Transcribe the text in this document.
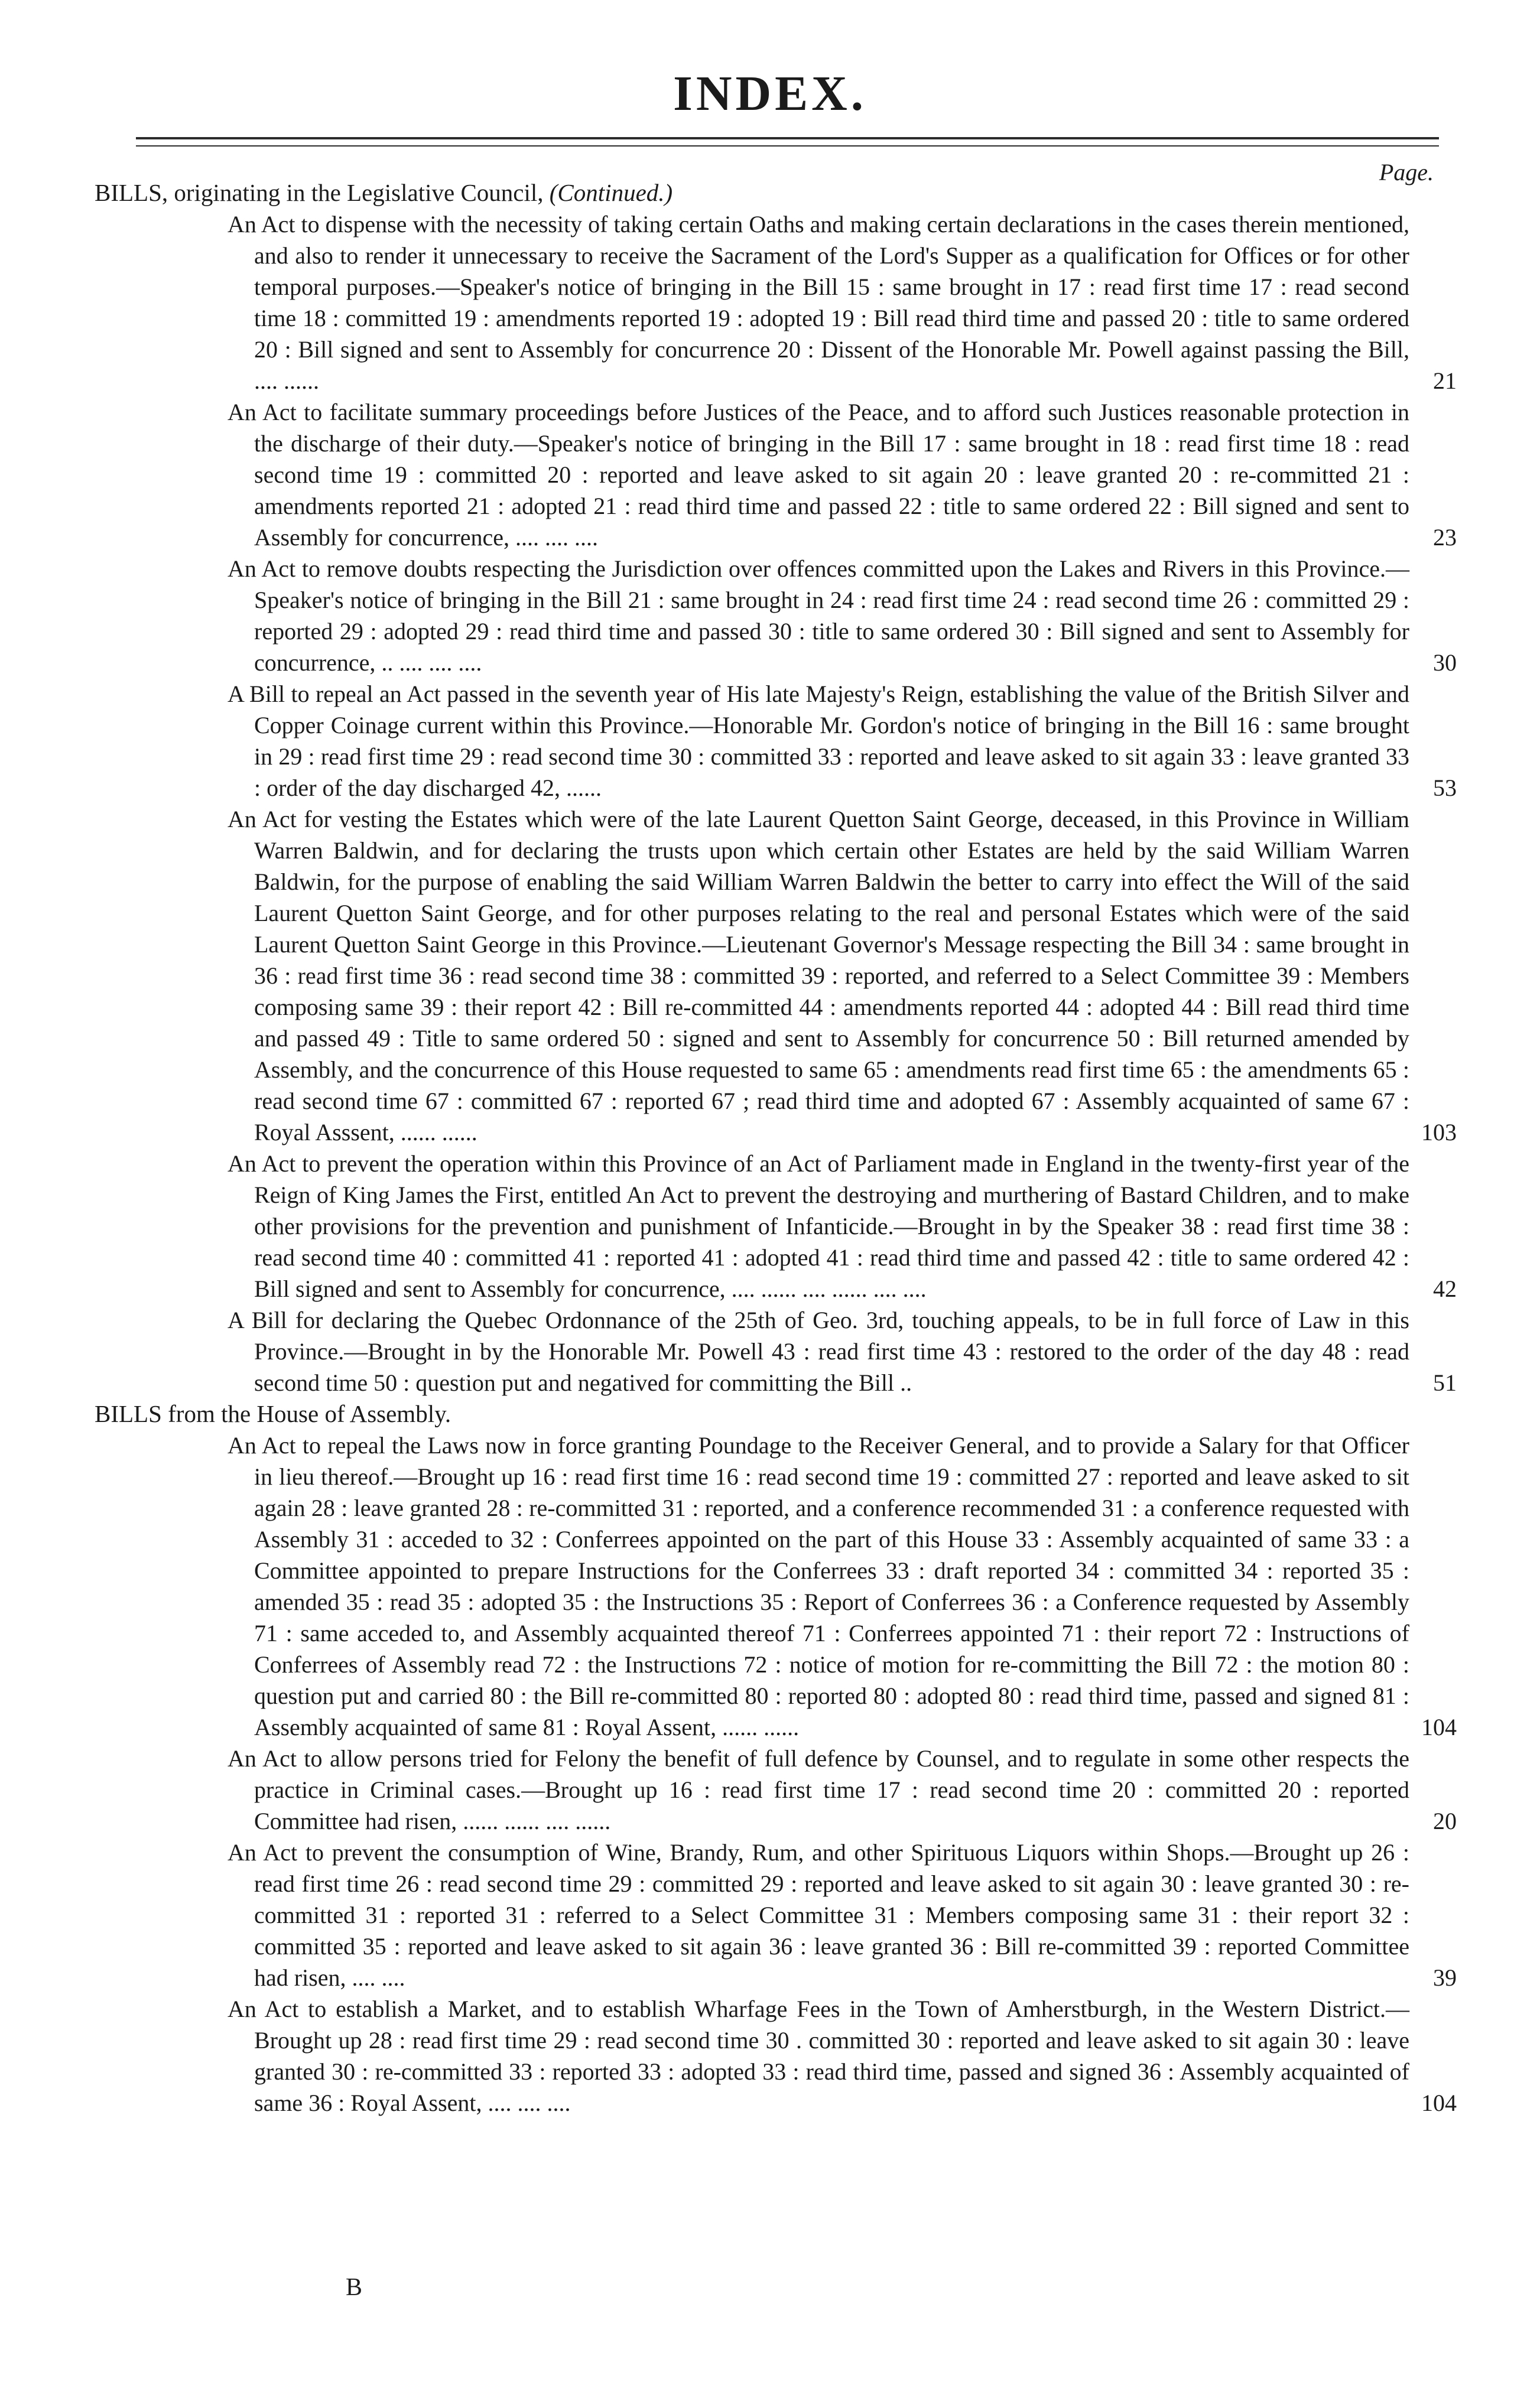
INDEX.
Page.
BILLS, originating in the Legislative Council, (Continued.)
An Act to dispense with the necessity of taking certain Oaths and making certain declarations in the cases therein mentioned, and also to render it unnecessary to receive the Sacrament of the Lord's Supper as a qualification for Offices or for other temporal purposes.—Speaker's notice of bringing in the Bill 15 : same brought in 17 : read first time 17 : read second time 18 : committed 19 : amendments reported 19 : adopted 19 : Bill read third time and passed 20 : title to same ordered 20 : Bill signed and sent to Assembly for concurrence 20 : Dissent of the Honorable Mr. Powell against passing the Bill, .... ......	21
An Act to facilitate summary proceedings before Justices of the Peace, and to afford such Justices reasonable protection in the discharge of their duty.—Speaker's notice of bringing in the Bill 17 : same brought in 18 : read first time 18 : read second time 19 : committed 20 : reported and leave asked to sit again 20 : leave granted 20 : re-committed 21 : amendments reported 21 : adopted 21 : read third time and passed 22 : title to same ordered 22 : Bill signed and sent to Assembly for concurrence, .... .... ....	23
An Act to remove doubts respecting the Jurisdiction over offences committed upon the Lakes and Rivers in this Province.—Speaker's notice of bringing in the Bill 21 : same brought in 24 : read first time 24 : read second time 26 : committed 29 : reported 29 : adopted 29 : read third time and passed 30 : title to same ordered 30 : Bill signed and sent to Assembly for concurrence, .. .... .... ....	30
A Bill to repeal an Act passed in the seventh year of His late Majesty's Reign, establishing the value of the British Silver and Copper Coinage current within this Province.—Honorable Mr. Gordon's notice of bringing in the Bill 16 : same brought in 29 : read first time 29 : read second time 30 : committed 33 : reported and leave asked to sit again 33 : leave granted 33 : order of the day discharged 42, ......	53
An Act for vesting the Estates which were of the late Laurent Quetton Saint George, deceased, in this Province in William Warren Baldwin, and for declaring the trusts upon which certain other Estates are held by the said William Warren Baldwin, for the purpose of enabling the said William Warren Baldwin the better to carry into effect the Will of the said Laurent Quetton Saint George, and for other purposes relating to the real and personal Estates which were of the said Laurent Quetton Saint George in this Province.—Lieutenant Governor's Message respecting the Bill 34 : same brought in 36 : read first time 36 : read second time 38 : committed 39 : reported, and referred to a Select Committee 39 : Members composing same 39 : their report 42 : Bill re-committed 44 : amendments reported 44 : adopted 44 : Bill read third time and passed 49 : Title to same ordered 50 : signed and sent to Assembly for concurrence 50 : Bill returned amended by Assembly, and the concurrence of this House requested to same 65 : amendments read first time 65 : the amendments 65 : read second time 67 : committed 67 : reported 67 ; read third time and adopted 67 : Assembly acquainted of same 67 : Royal Asssent, ...... ......	103
An Act to prevent the operation within this Province of an Act of Parliament made in England in the twenty-first year of the Reign of King James the First, entitled An Act to prevent the destroying and murthering of Bastard Children, and to make other provisions for the prevention and punishment of Infanticide.—Brought in by the Speaker 38 : read first time 38 : read second time 40 : committed 41 : reported 41 : adopted 41 : read third time and passed 42 : title to same ordered 42 : Bill signed and sent to Assembly for concurrence, .... ...... .... ...... .... ....	42
A Bill for declaring the Quebec Ordonnance of the 25th of Geo. 3rd, touching appeals, to be in full force of Law in this Province.—Brought in by the Honorable Mr. Powell 43 : read first time 43 : restored to the order of the day 48 : read second time 50 : question put and negatived for committing the Bill ..	51
BILLS from the House of Assembly.
An Act to repeal the Laws now in force granting Poundage to the Receiver General, and to provide a Salary for that Officer in lieu thereof.—Brought up 16 : read first time 16 : read second time 19 : committed 27 : reported and leave asked to sit again 28 : leave granted 28 : re-committed 31 : reported, and a conference recommended 31 : a conference requested with Assembly 31 : acceded to 32 : Conferrees appointed on the part of this House 33 : Assembly acquainted of same 33 : a Committee appointed to prepare Instructions for the Conferrees 33 : draft reported 34 : committed 34 : reported 35 : amended 35 : read 35 : adopted 35 : the Instructions 35 : Report of Conferrees 36 : a Conference requested by Assembly 71 : same acceded to, and Assembly acquainted thereof 71 : Conferrees appointed 71 : their report 72 : Instructions of Conferrees of Assembly read 72 : the Instructions 72 : notice of motion for re-committing the Bill 72 : the motion 80 : question put and carried 80 : the Bill re-committed 80 : reported 80 : adopted 80 : read third time, passed and signed 81 : Assembly acquainted of same 81 : Royal Assent, ...... ......	104
An Act to allow persons tried for Felony the benefit of full defence by Counsel, and to regulate in some other respects the practice in Criminal cases.—Brought up 16 : read first time 17 : read second time 20 : committed 20 : reported Committee had risen, ...... ...... .... ......	20
An Act to prevent the consumption of Wine, Brandy, Rum, and other Spirituous Liquors within Shops.—Brought up 26 : read first time 26 : read second time 29 : committed 29 : reported and leave asked to sit again 30 : leave granted 30 : re-committed 31 : reported 31 : referred to a Select Committee 31 : Members composing same 31 : their report 32 : committed 35 : reported and leave asked to sit again 36 : leave granted 36 : Bill re-committed 39 : reported Committee had risen, .... ....	39
An Act to establish a Market, and to establish Wharfage Fees in the Town of Amherstburgh, in the Western District.—Brought up 28 : read first time 29 : read second time 30 . committed 30 : reported and leave asked to sit again 30 : leave granted 30 : re-committed 33 : reported 33 : adopted 33 : read third time, passed and signed 36 : Assembly acquainted of same 36 : Royal Assent, .... .... ....	104
B
